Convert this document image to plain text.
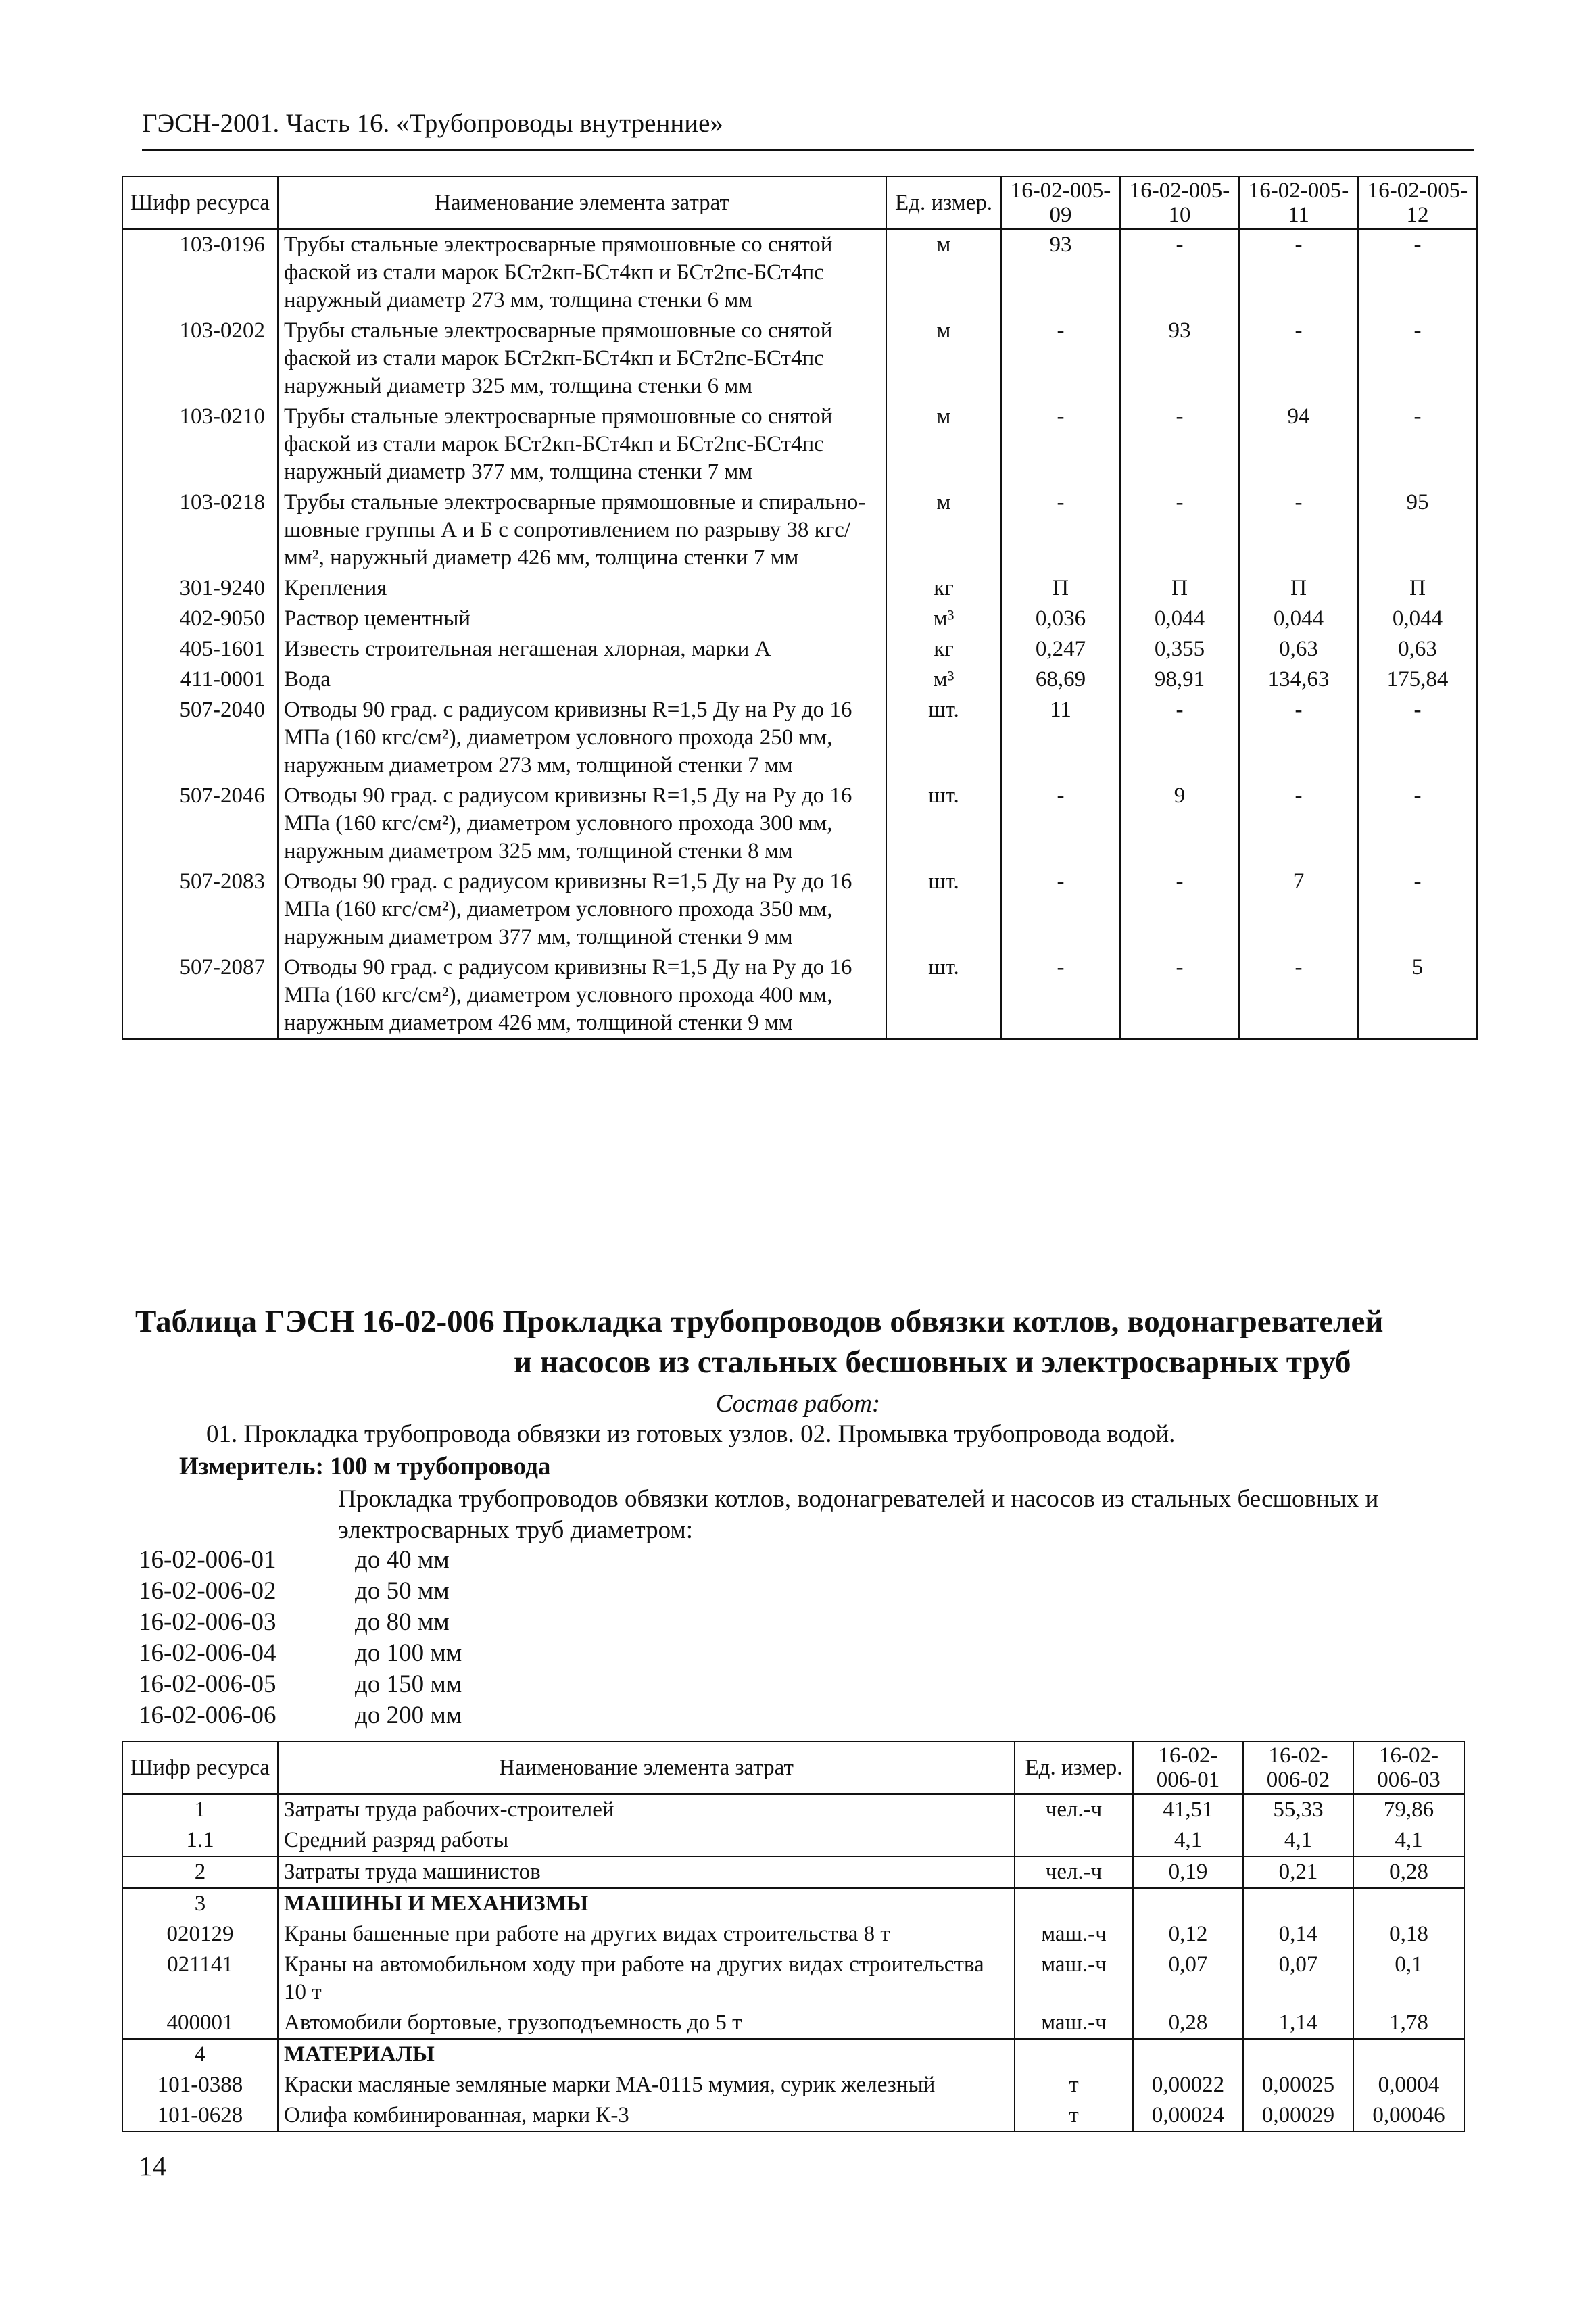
ГЭСН-2001. Часть 16. «Трубопроводы внутренние»
Шифр ресурса	Наименование элемента затрат	Ед. измер.	16-02-005-09	16-02-005-10	16-02-005-11	16-02-005-12
103-0196	Трубы стальные электросварные прямошовные со снятой фаской из стали марок БСт2кп-БСт4кп и БСт2пс-БСт4пс наружный диаметр 273 мм, толщина стенки 6 мм	м	93	-	-	-
103-0202	Трубы стальные электросварные прямошовные со снятой фаской из стали марок БСт2кп-БСт4кп и БСт2пс-БСт4пс наружный диаметр 325 мм, толщина стенки 6 мм	м	-	93	-	-
103-0210	Трубы стальные электросварные прямошовные со снятой фаской из стали марок БСт2кп-БСт4кп и БСт2пс-БСт4пс наружный диаметр 377 мм, толщина стенки 7 мм	м	-	-	94	-
103-0218	Трубы стальные электросварные прямошовные и спирально-шовные группы А и Б с сопротивлением по разрыву 38 кгс/мм², наружный диаметр 426 мм, толщина стенки 7 мм	м	-	-	-	95
301-9240	Крепления	кг	П	П	П	П
402-9050	Раствор цементный	м³	0,036	0,044	0,044	0,044
405-1601	Известь строительная негашеная хлорная, марки А	кг	0,247	0,355	0,63	0,63
411-0001	Вода	м³	68,69	98,91	134,63	175,84
507-2040	Отводы 90 град. с радиусом кривизны R=1,5 Ду на Ру до 16 МПа (160 кгс/см²), диаметром условного прохода 250 мм, наружным диаметром 273 мм, толщиной стенки 7 мм	шт.	11	-	-	-
507-2046	Отводы 90 град. с радиусом кривизны R=1,5 Ду на Ру до 16 МПа (160 кгс/см²), диаметром условного прохода 300 мм, наружным диаметром 325 мм, толщиной стенки 8 мм	шт.	-	9	-	-
507-2083	Отводы 90 град. с радиусом кривизны R=1,5 Ду на Ру до 16 МПа (160 кгс/см²), диаметром условного прохода 350 мм, наружным диаметром 377 мм, толщиной стенки 9 мм	шт.	-	-	7	-
507-2087	Отводы 90 град. с радиусом кривизны R=1,5 Ду на Ру до 16 МПа (160 кгс/см²), диаметром условного прохода 400 мм, наружным диаметром 426 мм, толщиной стенки 9 мм	шт.	-	-	-	5
Таблица ГЭСН 16-02-006 Прокладка трубопроводов обвязки котлов, водонагревателей
и насосов из стальных бесшовных и электросварных труб
Состав работ:
01. Прокладка трубопровода обвязки из готовых узлов. 02. Промывка трубопровода водой.
Измеритель: 100 м трубопровода
Прокладка трубопроводов обвязки котлов, водонагревателей и насосов из стальных бесшовных и электросварных труб диаметром:
16-02-006-01	до 40 мм
16-02-006-02	до 50 мм
16-02-006-03	до 80 мм
16-02-006-04	до 100 мм
16-02-006-05	до 150 мм
16-02-006-06	до 200 мм
Шифр ресурса	Наименование элемента затрат	Ед. измер.	16-02-006-01	16-02-006-02	16-02-006-03
1	Затраты труда рабочих-строителей	чел.-ч	41,51	55,33	79,86
1.1	Средний разряд работы		4,1	4,1	4,1
2	Затраты труда машинистов	чел.-ч	0,19	0,21	0,28
3	МАШИНЫ И МЕХАНИЗМЫ				
020129	Краны башенные при работе на других видах строительства 8 т	маш.-ч	0,12	0,14	0,18
021141	Краны на автомобильном ходу при работе на других видах строительства 10 т	маш.-ч	0,07	0,07	0,1
400001	Автомобили бортовые, грузоподъемность до 5 т	маш.-ч	0,28	1,14	1,78
4	МАТЕРИАЛЫ				
101-0388	Краски масляные земляные марки МА-0115 мумия, сурик железный	т	0,00022	0,00025	0,0004
101-0628	Олифа комбинированная, марки К-3	т	0,00024	0,00029	0,00046
14
